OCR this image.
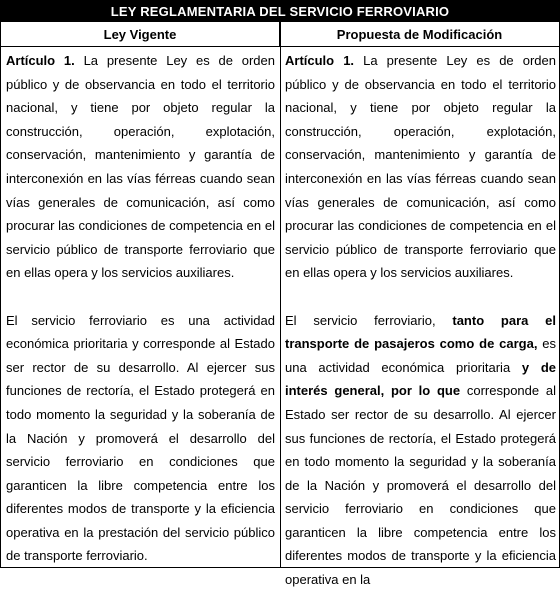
LEY REGLAMENTARIA DEL SERVICIO FERROVIARIO
Ley Vigente	Propuesta de Modificación

Artículo 1. La presente Ley es de orden público y de observancia en todo el territorio nacional, y tiene por objeto regular la construcción, operación, explotación, conservación, mantenimiento y garantía de interconexión en las vías férreas cuando sean vías generales de comunicación, así como procurar las condiciones de competencia en el servicio público de transporte ferroviario que en ellas opera y los servicios auxiliares.

El servicio ferroviario es una actividad económica prioritaria y corresponde al Estado ser rector de su desarrollo. Al ejercer sus funciones de rectoría, el Estado protegerá en todo momento la seguridad y la soberanía de la Nación y promoverá el desarrollo del servicio ferroviario en condiciones que garanticen la libre competencia entre los diferentes modos de transporte y la eficiencia operativa en la prestación del servicio público de transporte ferroviario.

Artículo 1. La presente Ley es de orden público y de observancia en todo el territorio nacional, y tiene por objeto regular la construcción, operación, explotación, conservación, mantenimiento y garantía de interconexión en las vías férreas cuando sean vías generales de comunicación, así como procurar las condiciones de competencia en el servicio público de transporte ferroviario que en ellas opera y los servicios auxiliares.

El servicio ferroviario, tanto para el transporte de pasajeros como de carga, es una actividad económica prioritaria y de interés general, por lo que corresponde al Estado ser rector de su desarrollo. Al ejercer sus funciones de rectoría, el Estado protegerá en todo momento la seguridad y la soberanía de la Nación y promoverá el desarrollo del servicio ferroviario en condiciones que garanticen la libre competencia entre los diferentes modos de transporte y la eficiencia operativa en la
